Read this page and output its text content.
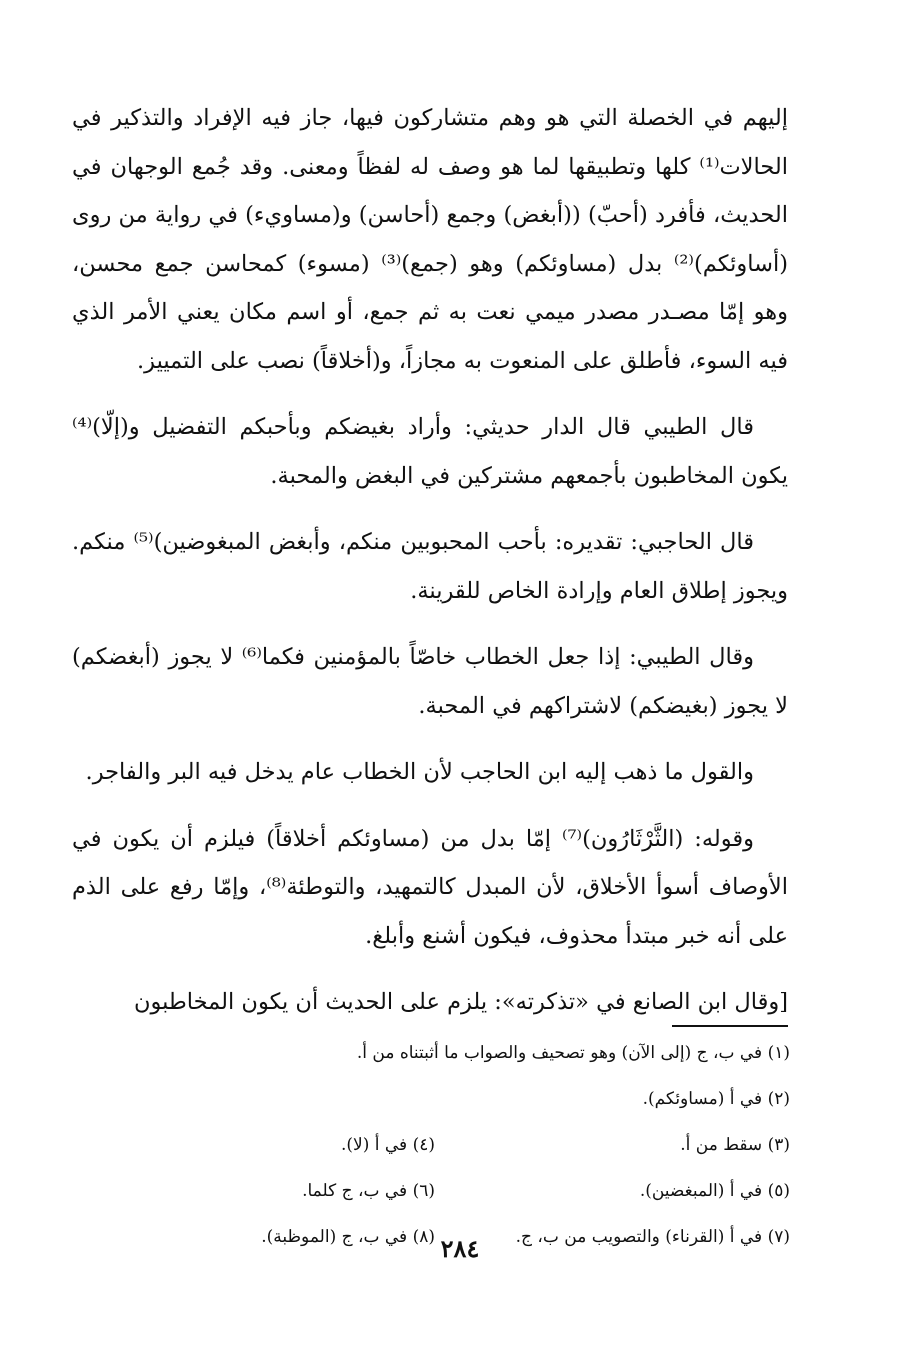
إليهم في الخصلة التي هو وهم متشاركون فيها، جاز فيه الإفراد والتذكير في الحالات⁽¹⁾ كلها وتطبيقها لما هو وصف له لفظاً ومعنى. وقد جُمع الوجهان في الحديث، فأفرد (أحبّ) ((أبغض) وجمع (أحاسن) و(مساويء) في رواية من روى (أساوئكم)⁽²⁾ بدل (مساوئكم) وهو (جمع)⁽³⁾ (مسوء) كمحاسن جمع محسن، وهو إمّا مصـدر مصدر ميمي نعت به ثم جمع، أو اسم مكان يعني الأمر الذي فيه السوء، فأطلق على المنعوت به مجازاً، و(أخلاقاً) نصب على التمييز.

قال الطيبي قال الدار حديثي: وأراد بغيضكم وبأحبكم التفضيل و(إلّا)⁽⁴⁾ يكون المخاطبون بأجمعهم مشتركين في البغض والمحبة.

قال الحاجبي: تقديره: بأحب المحبوبين منكم، وأبغض المبغوضين)⁽⁵⁾ منكم. ويجوز إطلاق العام وإرادة الخاص للقرينة.

وقال الطيبي: إذا جعل الخطاب خاصّاً بالمؤمنين فكما⁽⁶⁾ لا يجوز (أبغضكم) لا يجوز (بغيضكم) لاشتراكهم في المحبة.

والقول ما ذهب إليه ابن الحاجب لأن الخطاب عام يدخل فيه البر والفاجر.

وقوله: (الثَّرْثَارُون)⁽⁷⁾ إمّا بدل من (مساوئكم أخلاقاً) فيلزم أن يكون في الأوصاف أسوأ الأخلاق، لأن المبدل كالتمهيد، والتوطئة⁽⁸⁾، وإمّا رفع على الذم على أنه خبر مبتدأ محذوف، فيكون أشنع وأبلغ.

[وقال ابن الصانع في «تذكرته»: يلزم على الحديث أن يكون المخاطبون

(١) في ب، ج (إلى الآن) وهو تصحيف والصواب ما أثبتناه من أ.
(٢) في أ (مساوئكم).
(٣) سقط من أ.
(٤) في أ (لا).
(٥) في أ (المبغضين).
(٦) في ب، ج كلما.
(٧) في أ (القرناء) والتصويب من ب، ج.
(٨) في ب، ج (الموظبة). ٢٨٤
